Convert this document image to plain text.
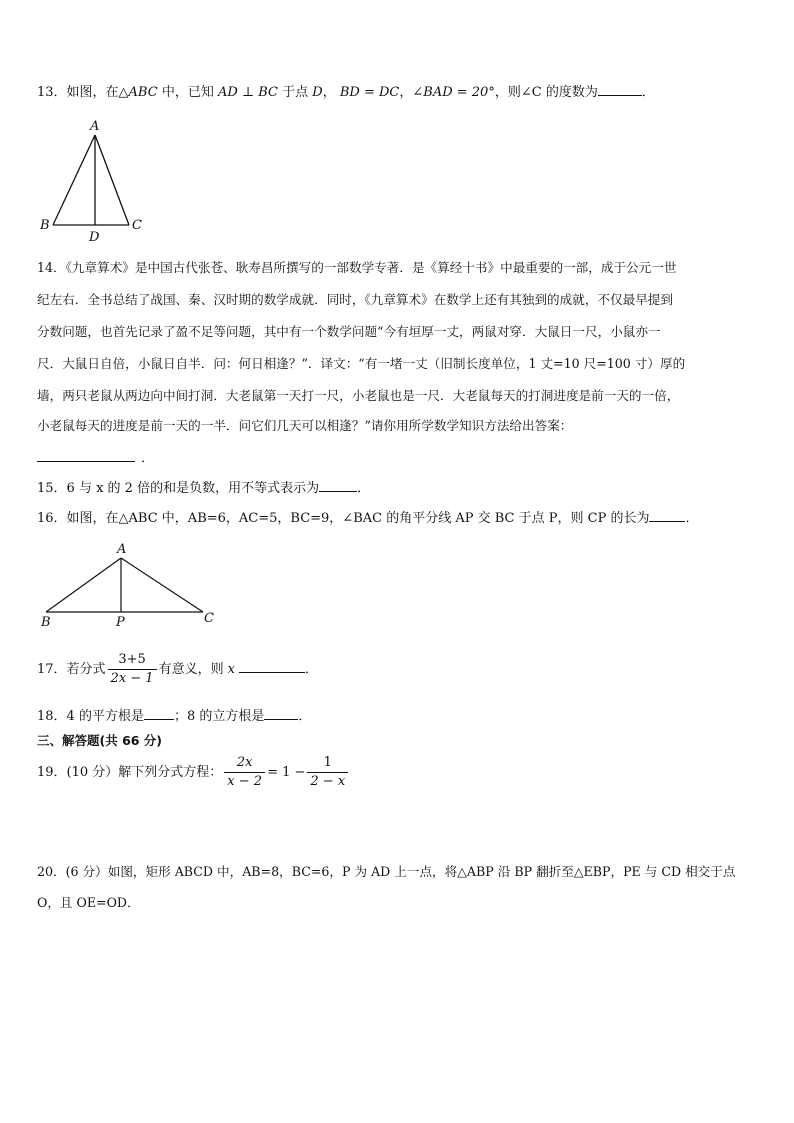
13．如图，在△ABC 中，已知 AD ⊥ BC 于点 D， BD = DC，∠BAD = 20°，则∠C 的度数为	．
A
B	C
D
14．《九章算术》是中国古代张苍、耿寿昌所撰写的一部数学专著．是《算经十书》中最重要的一部，成于公元一世
纪左右．全书总结了战国、秦、汉时期的数学成就．同时，《九章算术》在数学上还有其独到的成就，不仅最早提到
分数问题，也首先记录了盈不足等问题，其中有一个数学问题“今有垣厚一丈，两鼠对穿．大鼠日一尺，小鼠亦一
尺．大鼠日自倍，小鼠日自半．问：何日相逢？”．译文：“有一堵一丈（旧制长度单位，1 丈=10 尺=100 寸）厚的
墙，两只老鼠从两边向中间打洞．大老鼠第一天打一尺，小老鼠也是一尺．大老鼠每天的打洞进度是前一天的一倍，
小老鼠每天的进度是前一天的一半．问它们几天可以相逢？”请你用所学数学知识方法给出答案：
．
15．6 与 x 的 2 倍的和是负数，用不等式表示为	．
16．如图，在△ABC 中，AB=6，AC=5，BC=9，∠BAC 的角平分线 AP 交 BC 于点 P，则 CP 的长为	．
A
B	C
P
17．若分式 $\frac{3+5}{2x - 1}$ 有意义，则 x	．
18．4 的平方根是 ；8 的立方根是	．
三、解答题(共 66 分)
19．(10 分）解下列分式方程： $\frac{2x}{x - 2} = 1 - \frac{1}{2 - x}$
20．(6 分）如图，矩形 ABCD 中，AB=8，BC=6，P 为 AD 上一点，将△ABP 沿 BP 翻折至△EBP，PE 与 CD 相交于点
O，且 OE=OD．
